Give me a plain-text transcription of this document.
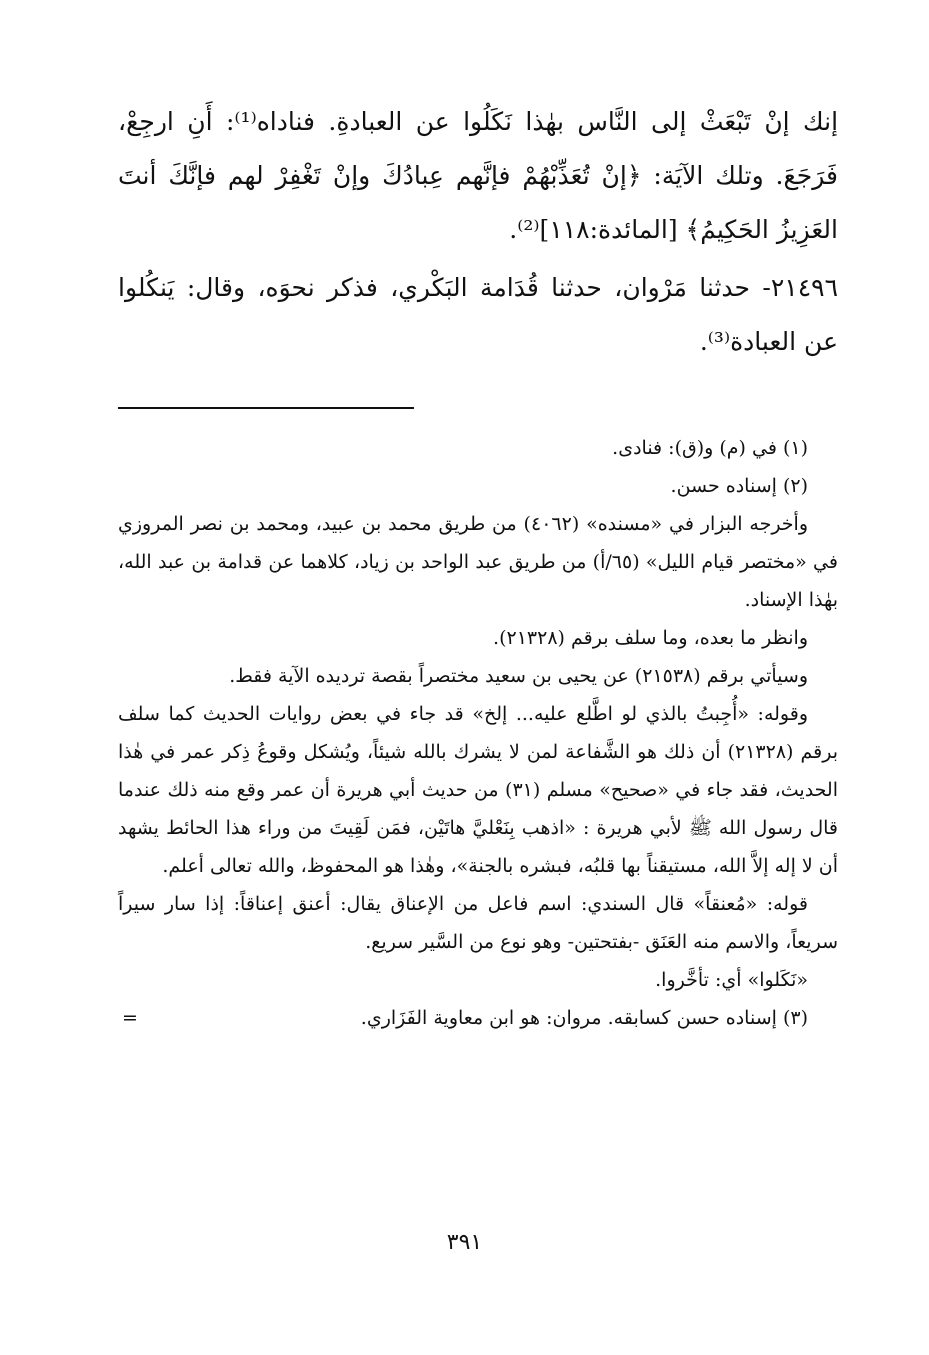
إنك إنْ تَبْعَثْ إلى النَّاس بهٰذا نَكَلُوا عن العبادةِ. فناداه⁽¹⁾: أَنِ ارجِعْ، فَرَجَعَ. وتلك الآيَة: ﴿إنْ تُعَذِّبْهُمْ فإنَّهم عِبادُكَ وإنْ تَغْفِرْ لهم فإنَّكَ أنتَ العَزِيزُ الحَكِيمُ﴾ [المائدة:١١٨]⁽²⁾.

٢١٤٩٦- حدثنا مَرْوان، حدثنا قُدَامة البَكْري، فذكر نحوَه، وقال: يَنكُلوا عن العبادة⁽³⁾.

(١) في (م) و(ق): فنادى.

(٢) إسناده حسن.

وأخرجه البزار في «مسنده» (٤٠٦٢) من طريق محمد بن عبيد، ومحمد بن نصر المروزي في «مختصر قيام الليل» (٦٥/أ) من طريق عبد الواحد بن زياد، كلاهما عن قدامة بن عبد الله، بهٰذا الإسناد.

وانظر ما بعده، وما سلف برقم (٢١٣٢٨).

وسيأتي برقم (٢١٥٣٨) عن يحيى بن سعيد مختصراً بقصة ترديده الآية فقط.

وقوله: «أُجِبتُ بالذي لو اطَّلع عليه... إلخ» قد جاء في بعض روايات الحديث كما سلف برقم (٢١٣٢٨) أن ذلك هو الشَّفاعة لمن لا يشرك بالله شيئاً، ويُشكل وقوعُ ذِكر عمر في هٰذا الحديث، فقد جاء في «صحيح» مسلم (٣١) من حديث أبي هريرة أن عمر وقع منه ذلك عندما قال رسول الله ﷺ لأبي هريرة : «اذهب بِنَعْليَّ هاتَيْن، فمَن لَقِيتَ من وراء هذا الحائط يشهد أن لا إله إلاَّ الله، مستيقناً بها قلبُه، فبشره بالجنة»، وهٰذا هو المحفوظ، والله تعالى أعلم.

قوله: «مُعنقاً» قال السندي: اسم فاعل من الإعناق يقال: أعنق إعناقاً: إذا سار سيراً سريعاً، والاسم منه العَنَق -بفتحتين- وهو نوع من السَّير سريع.

«نَكَلوا» أي: تأخَّروا.

(٣) إسناده حسن كسابقه. مروان: هو ابن معاوية الفَزَاري.

=
٣٩١
